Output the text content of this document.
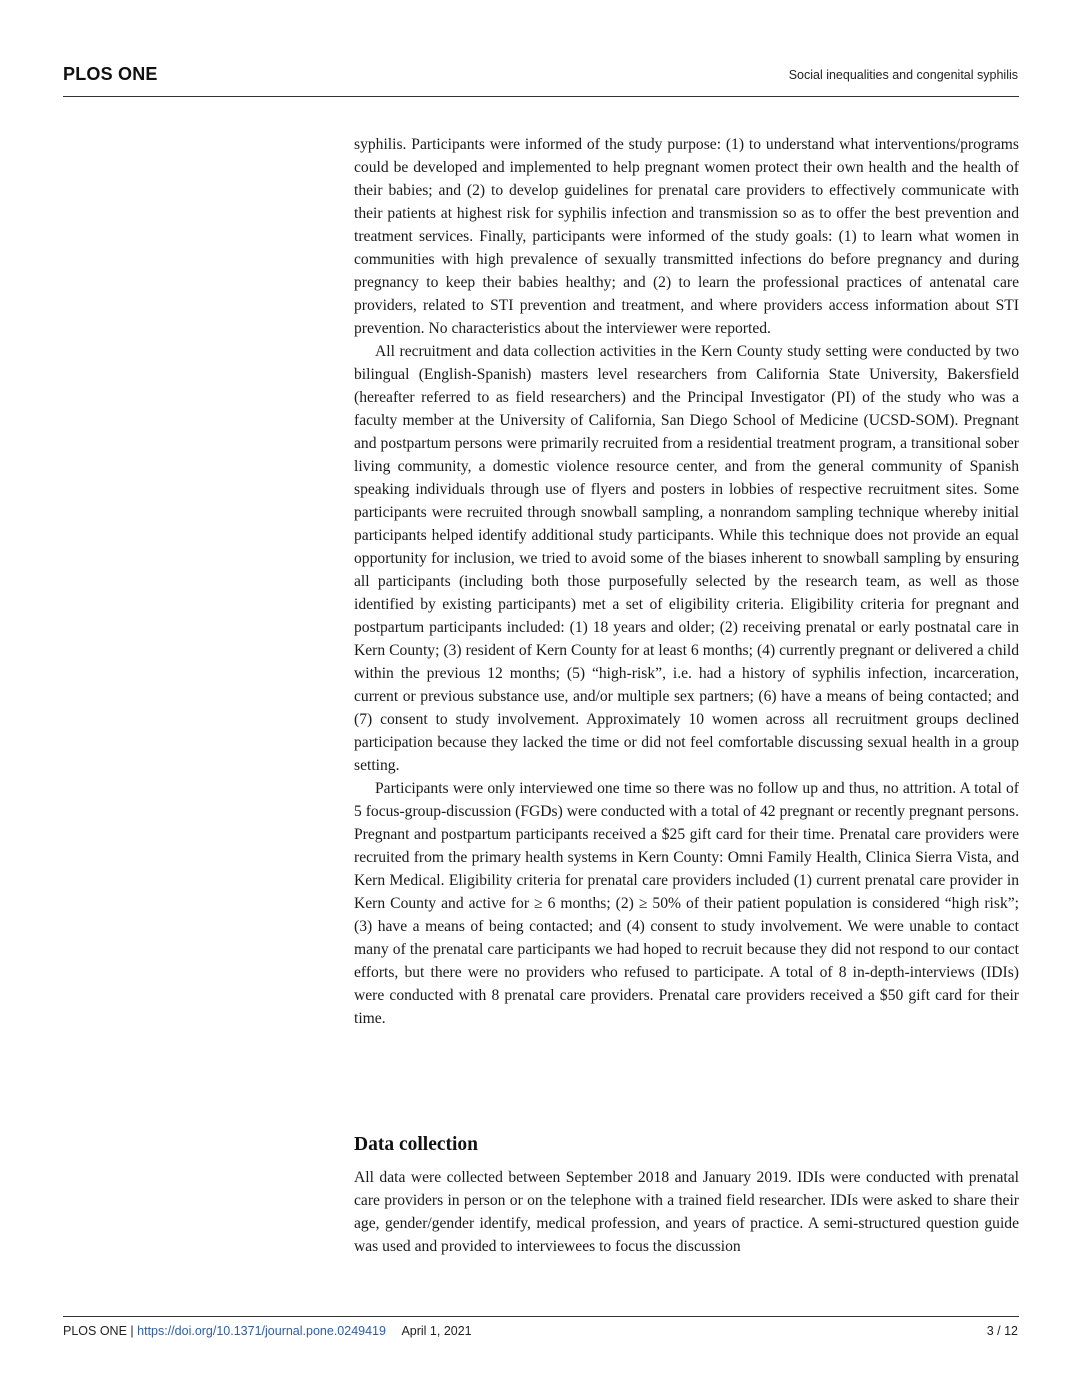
PLOS ONE	Social inequalities and congenital syphilis

syphilis. Participants were informed of the study purpose: (1) to understand what interventions/programs could be developed and implemented to help pregnant women protect their own health and the health of their babies; and (2) to develop guidelines for prenatal care providers to effectively communicate with their patients at highest risk for syphilis infection and transmission so as to offer the best prevention and treatment services. Finally, participants were informed of the study goals: (1) to learn what women in communities with high prevalence of sexually transmitted infections do before pregnancy and during pregnancy to keep their babies healthy; and (2) to learn the professional practices of antenatal care providers, related to STI prevention and treatment, and where providers access information about STI prevention. No characteristics about the interviewer were reported.

All recruitment and data collection activities in the Kern County study setting were conducted by two bilingual (English-Spanish) masters level researchers from California State University, Bakersfield (hereafter referred to as field researchers) and the Principal Investigator (PI) of the study who was a faculty member at the University of California, San Diego School of Medicine (UCSD-SOM). Pregnant and postpartum persons were primarily recruited from a residential treatment program, a transitional sober living community, a domestic violence resource center, and from the general community of Spanish speaking individuals through use of flyers and posters in lobbies of respective recruitment sites. Some participants were recruited through snowball sampling, a nonrandom sampling technique whereby initial participants helped identify additional study participants. While this technique does not provide an equal opportunity for inclusion, we tried to avoid some of the biases inherent to snowball sampling by ensuring all participants (including both those purposefully selected by the research team, as well as those identified by existing participants) met a set of eligibility criteria. Eligibility criteria for pregnant and postpartum participants included: (1) 18 years and older; (2) receiving prenatal or early postnatal care in Kern County; (3) resident of Kern County for at least 6 months; (4) currently pregnant or delivered a child within the previous 12 months; (5) “high-risk”, i.e. had a history of syphilis infection, incarceration, current or previous substance use, and/or multiple sex partners; (6) have a means of being contacted; and (7) consent to study involvement. Approximately 10 women across all recruitment groups declined participation because they lacked the time or did not feel comfortable discussing sexual health in a group setting.

Participants were only interviewed one time so there was no follow up and thus, no attrition. A total of 5 focus-group-discussion (FGDs) were conducted with a total of 42 pregnant or recently pregnant persons. Pregnant and postpartum participants received a $25 gift card for their time. Prenatal care providers were recruited from the primary health systems in Kern County: Omni Family Health, Clinica Sierra Vista, and Kern Medical. Eligibility criteria for prenatal care providers included (1) current prenatal care provider in Kern County and active for ≥ 6 months; (2) ≥ 50% of their patient population is considered “high risk”; (3) have a means of being contacted; and (4) consent to study involvement. We were unable to contact many of the prenatal care participants we had hoped to recruit because they did not respond to our contact efforts, but there were no providers who refused to participate. A total of 8 in-depth-interviews (IDIs) were conducted with 8 prenatal care providers. Prenatal care providers received a $50 gift card for their time.

Data collection

All data were collected between September 2018 and January 2019. IDIs were conducted with prenatal care providers in person or on the telephone with a trained field researcher. IDIs were asked to share their age, gender/gender identify, medical profession, and years of practice. A semi-structured question guide was used and provided to interviewees to focus the discussion

PLOS ONE | https://doi.org/10.1371/journal.pone.0249419 April 1, 2021	3 / 12
